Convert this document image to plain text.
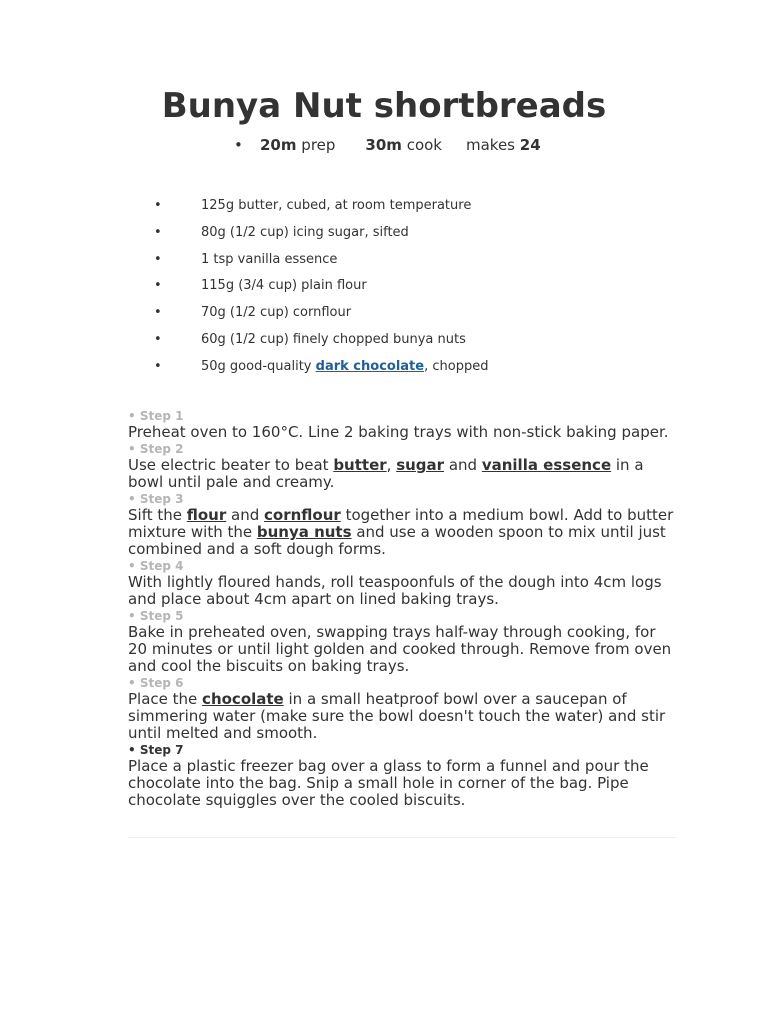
Bunya Nut shortbreads
• 20m prep 30m cook makes 24
•	125g butter, cubed, at room temperature
•	80g (1/2 cup) icing sugar, sifted
•	1 tsp vanilla essence
•	115g (3/4 cup) plain flour
•	70g (1/2 cup) cornflour
•	60g (1/2 cup) finely chopped bunya nuts
•	50g good-quality dark chocolate, chopped
• Step 1

Preheat oven to 160°C. Line 2 baking trays with non-stick baking paper.

• Step 2

Use electric beater to beat butter, sugar and vanilla essence in a bowl until pale and creamy.

• Step 3

Sift the flour and cornflour together into a medium bowl. Add to butter mixture with the bunya nuts and use a wooden spoon to mix until just combined and a soft dough forms.

• Step 4

With lightly floured hands, roll teaspoonfuls of the dough into 4cm logs and place about 4cm apart on lined baking trays.

• Step 5

Bake in preheated oven, swapping trays half-way through cooking, for 20 minutes or until light golden and cooked through. Remove from oven and cool the biscuits on baking trays.

• Step 6

Place the chocolate in a small heatproof bowl over a saucepan of simmering water (make sure the bowl doesn't touch the water) and stir until melted and smooth.

• Step 7

Place a plastic freezer bag over a glass to form a funnel and pour the chocolate into the bag. Snip a small hole in corner of the bag. Pipe chocolate squiggles over the cooled biscuits.
